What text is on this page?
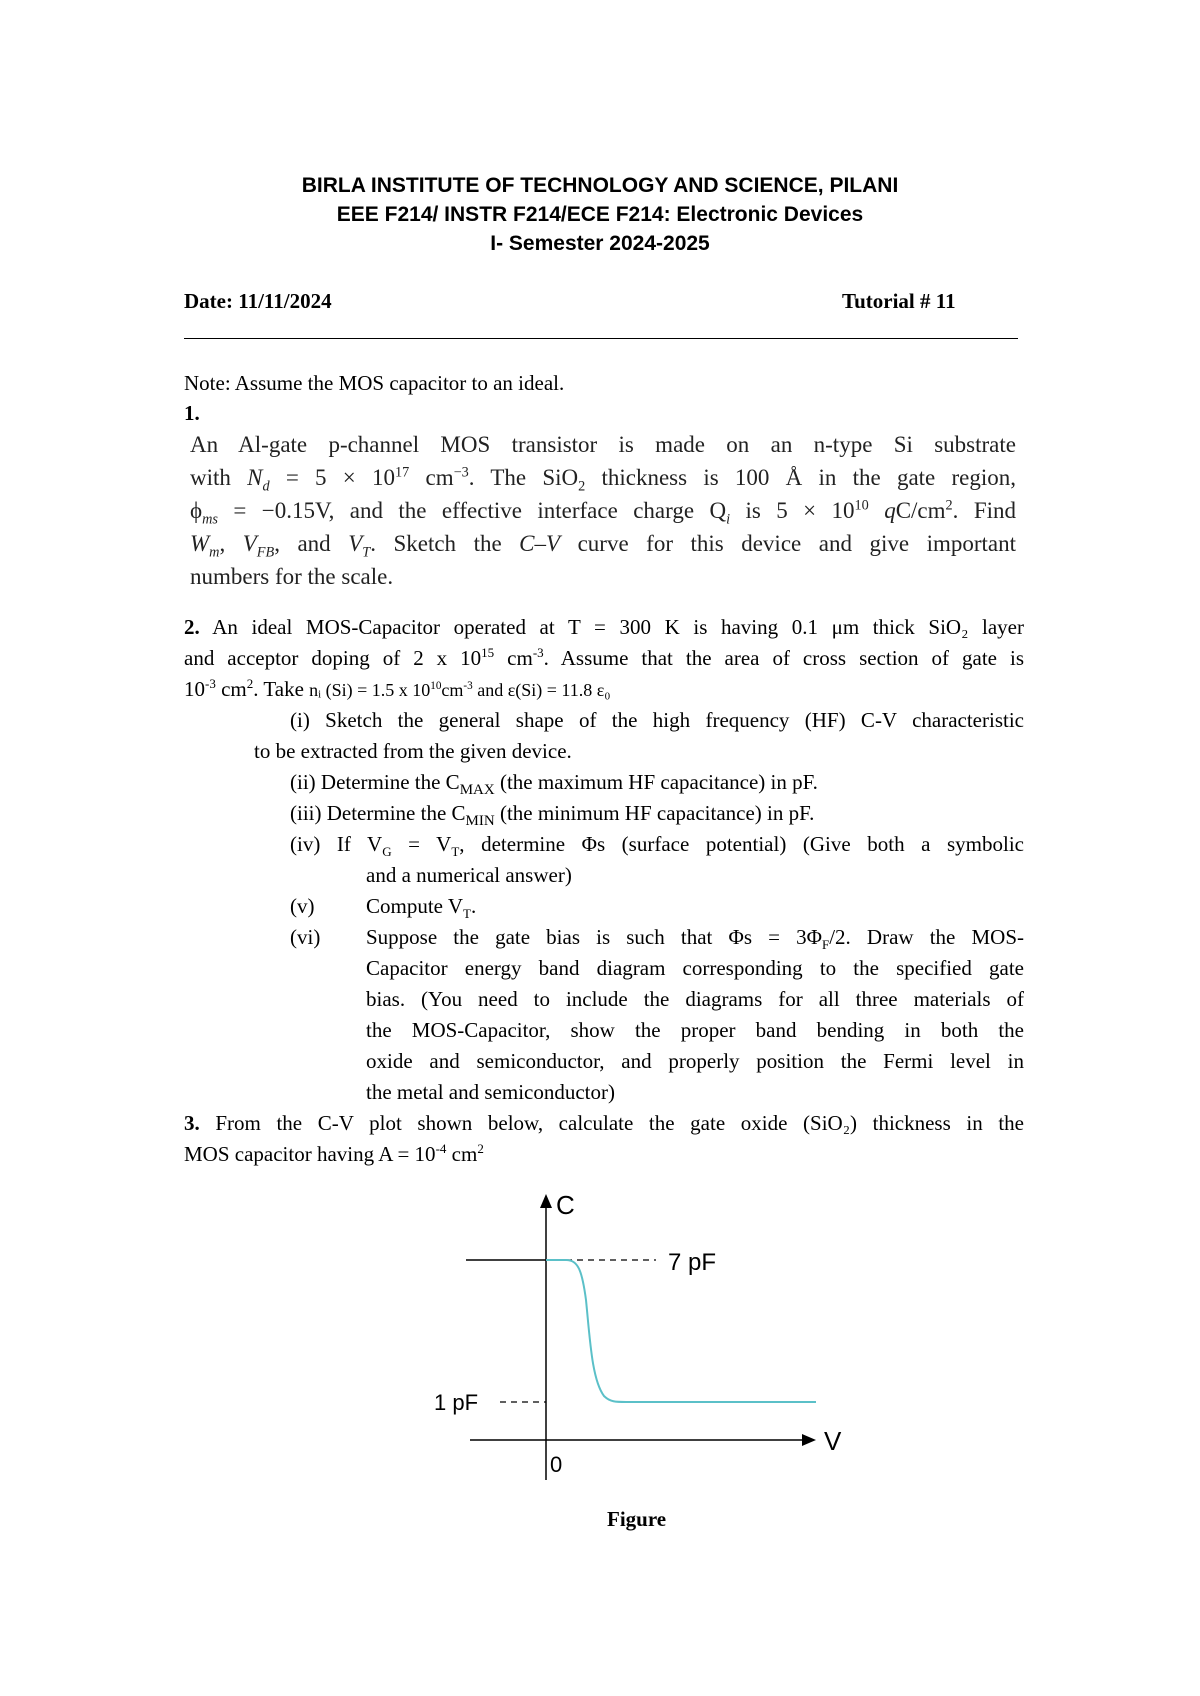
BIRLA INSTITUTE OF TECHNOLOGY AND SCIENCE, PILANI
EEE F214/ INSTR F214/ECE F214: Electronic Devices
I- Semester 2024-2025
Date: 11/11/2024	Tutorial # 11
Note: Assume the MOS capacitor to an ideal.
1.
An Al-gate p-channel MOS transistor is made on an n-type Si substrate
with $N_d = 5 \times 10^{17}$ $cm^{-3}$. The SiO$_2$ thickness is 100 Å in the gate region,
$\phi_{ms} = -0.15V$, and the effective interface charge $Q_i$ is $5 \times 10^{10}$ $qC/cm^2$. Find
$W_m$, $V_{FB}$, and $V_T$. Sketch the C–V curve for this device and give important
numbers for the scale.
2. An ideal MOS-Capacitor operated at T = 300 K is having 0.1 μm thick SiO₂ layer
and acceptor doping of 2 x $10^{15}$ $cm^{-3}$. Assume that the area of cross section of gate is
$10^{-3}$ $cm^2$. Take nᵢ (Si) = 1.5 x $10^{10}cm^{-3}$ and ε(Si) = 11.8 ε₀
(i) Sketch the general shape of the high frequency (HF) C-V characteristic
to be extracted from the given device.
(ii) Determine the $C_{MAX}$ (the maximum HF capacitance) in pF.
(iii) Determine the $C_{MIN}$ (the minimum HF capacitance) in pF.
(iv) If $V_G = V_T$, determine Φs (surface potential) (Give both a symbolic
and a numerical answer)
(v) Compute $V_T$.
(vi) Suppose the gate bias is such that $\Phi s = 3\Phi_F/2$. Draw the MOS-
Capacitor energy band diagram corresponding to the specified gate
bias. (You need to include the diagrams for all three materials of
the MOS-Capacitor, show the proper band bending in both the
oxide and semiconductor, and properly position the Fermi level in
the metal and semiconductor)
3. From the C-V plot shown below, calculate the gate oxide (SiO₂) thickness in the
MOS capacitor having $A = 10^{-4}$ $cm^2$
C
V
0
7 pF
1 pF
Figure
